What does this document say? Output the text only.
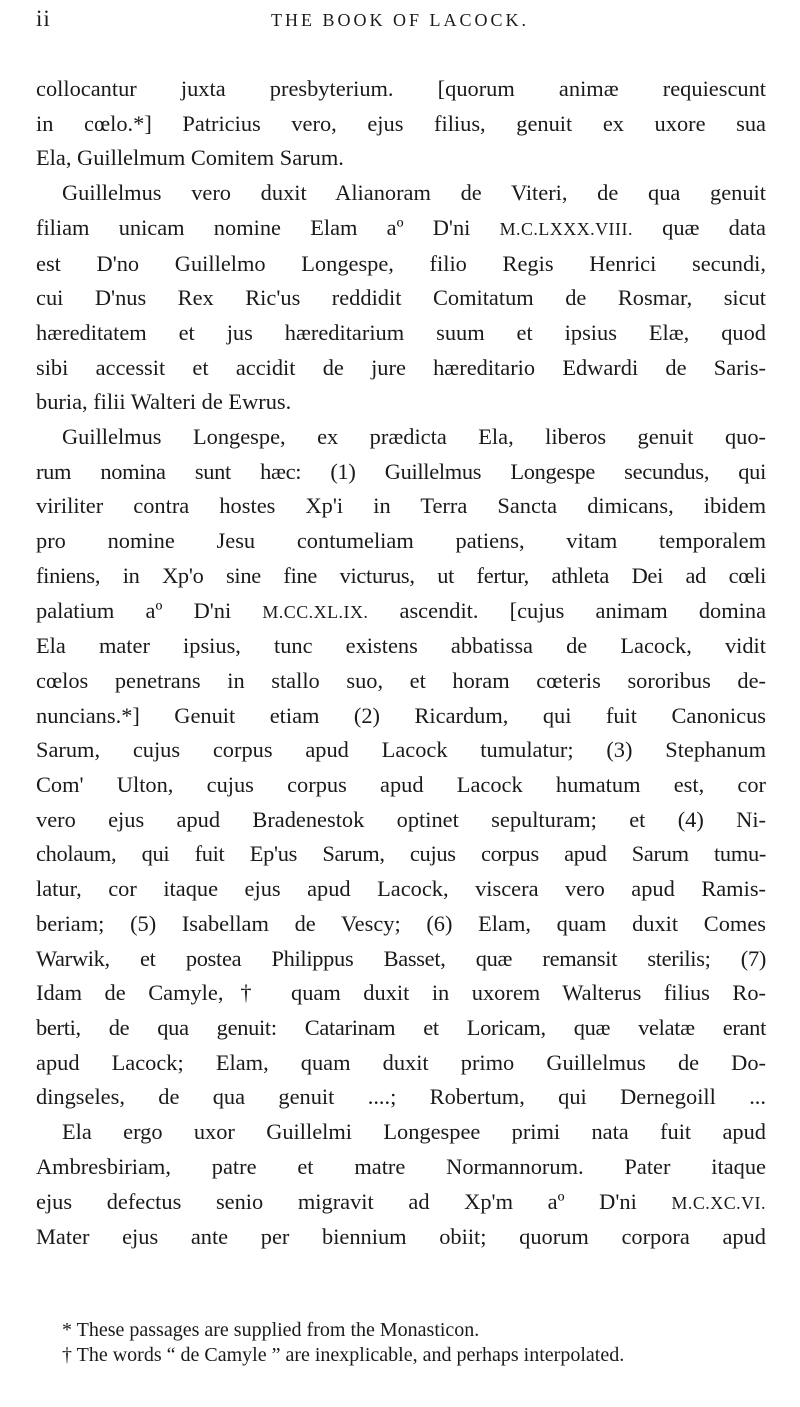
ii	THE BOOK OF LACOCK.

collocantur juxta presbyterium. [quorum animæ requiescunt

in cœlo.*] Patricius vero, ejus filius, genuit ex uxore sua

Ela, Guillelmum Comitem Sarum.

Guillelmus vero duxit Alianoram de Viteri, de qua genuit

filiam unicam nomine Elam aº D'ni M.C.LXXX.VIII. quæ data

est D'no Guillelmo Longespe, filio Regis Henrici secundi,

cui D'nus Rex Ric'us reddidit Comitatum de Rosmar, sicut

hæreditatem et jus hæreditarium suum et ipsius Elæ, quod

sibi accessit et accidit de jure hæreditario Edwardi de Saris-

buria, filii Walteri de Ewrus.

Guillelmus Longespe, ex prædicta Ela, liberos genuit quo-

rum nomina sunt hæc: (1) Guillelmus Longespe secundus, qui

viriliter contra hostes Xp'i in Terra Sancta dimicans, ibidem

pro nomine Jesu contumeliam patiens, vitam temporalem

finiens, in Xp'o sine fine victurus, ut fertur, athleta Dei ad cœli

palatium aº D'ni M.CC.XL.IX. ascendit. [cujus animam domina

Ela mater ipsius, tunc existens abbatissa de Lacock, vidit

cœlos penetrans in stallo suo, et horam cœteris sororibus de-

nuncians.*] Genuit etiam (2) Ricardum, qui fuit Canonicus

Sarum, cujus corpus apud Lacock tumulatur; (3) Stephanum

Com' Ulton, cujus corpus apud Lacock humatum est, cor

vero ejus apud Bradenestok optinet sepulturam; et (4) Ni-

cholaum, qui fuit Ep'us Sarum, cujus corpus apud Sarum tumu-

latur, cor itaque ejus apud Lacock, viscera vero apud Ramis-

beriam; (5) Isabellam de Vescy; (6) Elam, quam duxit Comes

Warwik, et postea Philippus Basset, quæ remansit sterilis; (7)

Idam de Camyle,† quam duxit in uxorem Walterus filius Ro-

berti, de qua genuit: Catarinam et Loricam, quæ velatæ erant

apud Lacock; Elam, quam duxit primo Guillelmus de Do-

dingseles, de qua genuit ....; Robertum, qui Dernegoill ...

Ela ergo uxor Guillelmi Longespee primi nata fuit apud

Ambresbiriam, patre et matre Normannorum. Pater itaque

ejus defectus senio migravit ad Xp'm aº D'ni M.C.XC.VI.

Mater ejus ante per biennium obiit; quorum corpora apud

* These passages are supplied from the Monasticon.

† The words “ de Camyle ” are inexplicable, and perhaps interpolated.
